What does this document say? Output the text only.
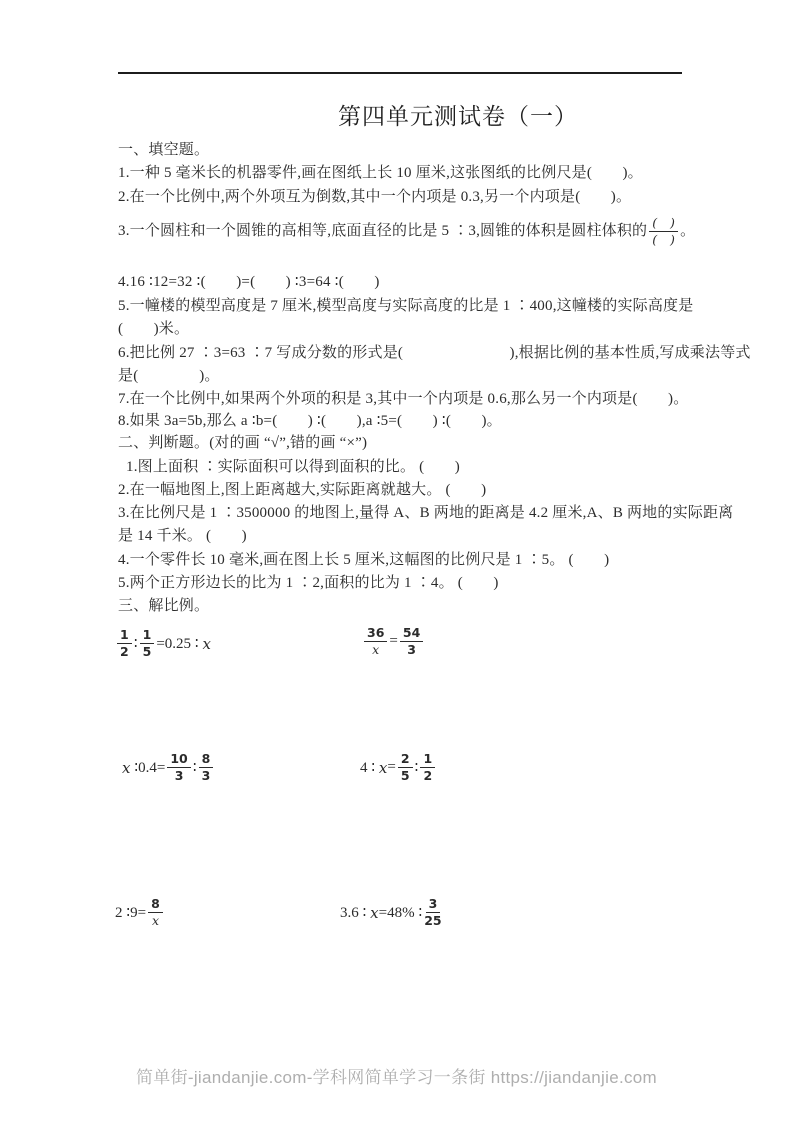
第四单元测试卷（一）
一、填空题。
1.一种 5 毫米长的机器零件,画在图纸上长 10 厘米,这张图纸的比例尺是(　　)。
2.在一个比例中,两个外项互为倒数,其中一个内项是 0.3,另一个内项是(　　)。
3.一个圆柱和一个圆锥的高相等,底面直径的比是 5 ∶3,圆锥的体积是圆柱体积的 $\frac{( )}{( )}$ 。
4.16 ∶12=32 ∶(　　)=(　　) ∶3=64 ∶(　　)
5.一幢楼的模型高度是 7 厘米,模型高度与实际高度的比是 1 ∶400,这幢楼的实际高度是
(　　)米。
6.把比例 27 ∶3=63 ∶7 写成分数的形式是(　　　　　　　),根据比例的基本性质,写成乘法等式
是(　　　　)。
7.在一个比例中,如果两个外项的积是 3,其中一个内项是 0.6,那么另一个内项是(　　)。
8.如果 3a=5b,那么 a ∶b=(　　) ∶(　　),a ∶5=(　　) ∶(　　)。
二、判断题。(对的画 “√”,错的画 “×”)
1.图上面积 ∶实际面积可以得到面积的比。 (　　)
2.在一幅地图上,图上距离越大,实际距离就越大。 (　　)
3.在比例尺是 1 ∶3500000 的地图上,量得 A、B 两地的距离是 4.2 厘米,A、B 两地的实际距离
是 14 千米。 (　　)
4.一个零件长 10 毫米,画在图上长 5 厘米,这幅图的比例尺是 1 ∶5。 (　　)
5.两个正方形边长的比为 1 ∶2,面积的比为 1 ∶4。 (　　)
三、解比例。
$\frac{1}{2}$ ∶ $\frac{1}{5} =0.25$ ∶ x	$\frac{36}{x} = \frac{54}{3}$
x ∶0.4= $\frac{10}{3}$ ∶ $\frac{8}{3}$	4 ∶ $x = \frac{2}{5}$ ∶ $\frac{1}{2}$
2 ∶9= $\frac{8}{x}$	3.6 ∶ x =48% ∶ $\frac{3}{25}$
简单街-jiandanjie.com-学科网简单学习一条街 https://jiandanjie.com
